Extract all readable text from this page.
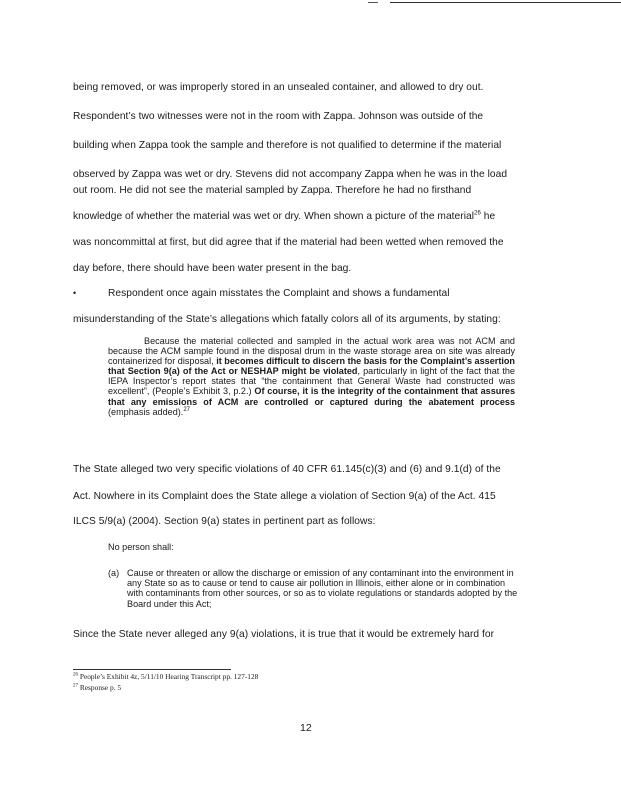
being removed, or was improperly stored in an unsealed container, and allowed to dry out.
Respondent’s two witnesses were not in the room with Zappa. Johnson was outside of the
building when Zappa took the sample and therefore is not qualified to determine if the material
observed by Zappa was wet or dry. Stevens did not accompany Zappa when he was in the load
out room. He did not see the material sampled by Zappa. Therefore he had no firsthand
knowledge of whether the material was wet or dry. When shown a picture of the material$^{26}$ he
was noncommittal at first, but did agree that if the material had been wetted when removed the
day before, there should have been water present in the bag.
•	Respondent once again misstates the Complaint and shows a fundamental
misunderstanding of the State’s allegations which fatally colors all of its arguments, by stating:
Because the material collected and sampled in the actual work area was not ACM and because the ACM sample found in the disposal drum in the waste storage area on site was already containerized for disposal, it becomes difficult to discern the basis for the Complaint’s assertion that Section 9(a) of the Act or NESHAP might be violated, particularly in light of the fact that the IEPA Inspector’s report states that “the containment that General Waste had constructed was excellent”, (People’s Exhibit 3, p.2.) Of course, it is the integrity of the containment that assures that any emissions of ACM are controlled or captured during the abatement process (emphasis added).$^{27}$
The State alleged two very specific violations of 40 CFR 61.145(c)(3) and (6) and 9.1(d) of the
Act. Nowhere in its Complaint does the State allege a violation of Section 9(a) of the Act. 415
ILCS 5/9(a) (2004). Section 9(a) states in pertinent part as follows:
No person shall:
(a) Cause or threaten or allow the discharge or emission of any contaminant into the environment in any State so as to cause or tend to cause air pollution in Illinois, either alone or in combination with contaminants from other sources, or so as to violate regulations or standards adopted by the Board under this Act;
Since the State never alleged any 9(a) violations, it is true that it would be extremely hard for
$^{26}$ People’s Exhibit 4z, 5/11/10 Hearing Transcript pp. 127-128
$^{27}$ Response p. 5
12
